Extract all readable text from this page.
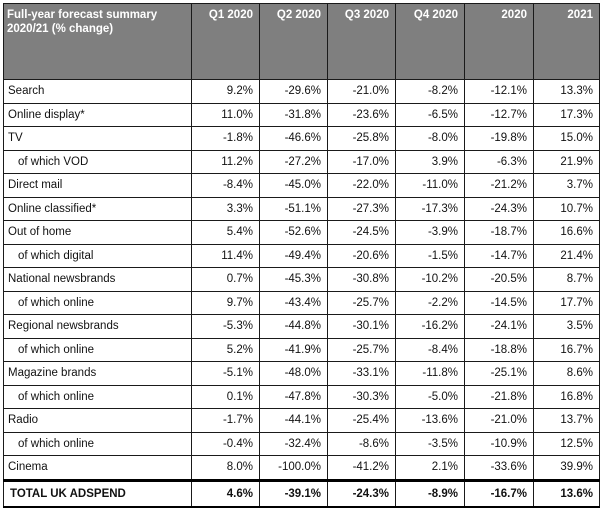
Full-year forecast summary 2020/21 (% change)	Q1 2020	Q2 2020	Q3 2020	Q4 2020	2020	2021
Search	9.2%	-29.6%	-21.0%	-8.2%	-12.1%	13.3%
Online display*	11.0%	-31.8%	-23.6%	-6.5%	-12.7%	17.3%
TV	-1.8%	-46.6%	-25.8%	-8.0%	-19.8%	15.0%
of which VOD	11.2%	-27.2%	-17.0%	3.9%	-6.3%	21.9%
Direct mail	-8.4%	-45.0%	-22.0%	-11.0%	-21.2%	3.7%
Online classified*	3.3%	-51.1%	-27.3%	-17.3%	-24.3%	10.7%
Out of home	5.4%	-52.6%	-24.5%	-3.9%	-18.7%	16.6%
of which digital	11.4%	-49.4%	-20.6%	-1.5%	-14.7%	21.4%
National newsbrands	0.7%	-45.3%	-30.8%	-10.2%	-20.5%	8.7%
of which online	9.7%	-43.4%	-25.7%	-2.2%	-14.5%	17.7%
Regional newsbrands	-5.3%	-44.8%	-30.1%	-16.2%	-24.1%	3.5%
of which online	5.2%	-41.9%	-25.7%	-8.4%	-18.8%	16.7%
Magazine brands	-5.1%	-48.0%	-33.1%	-11.8%	-25.1%	8.6%
of which online	0.1%	-47.8%	-30.3%	-5.0%	-21.8%	16.8%
Radio	-1.7%	-44.1%	-25.4%	-13.6%	-21.0%	13.7%
of which online	-0.4%	-32.4%	-8.6%	-3.5%	-10.9%	12.5%
Cinema	8.0%	-100.0%	-41.2%	2.1%	-33.6%	39.9%
TOTAL UK ADSPEND	4.6%	-39.1%	-24.3%	-8.9%	-16.7%	13.6%
